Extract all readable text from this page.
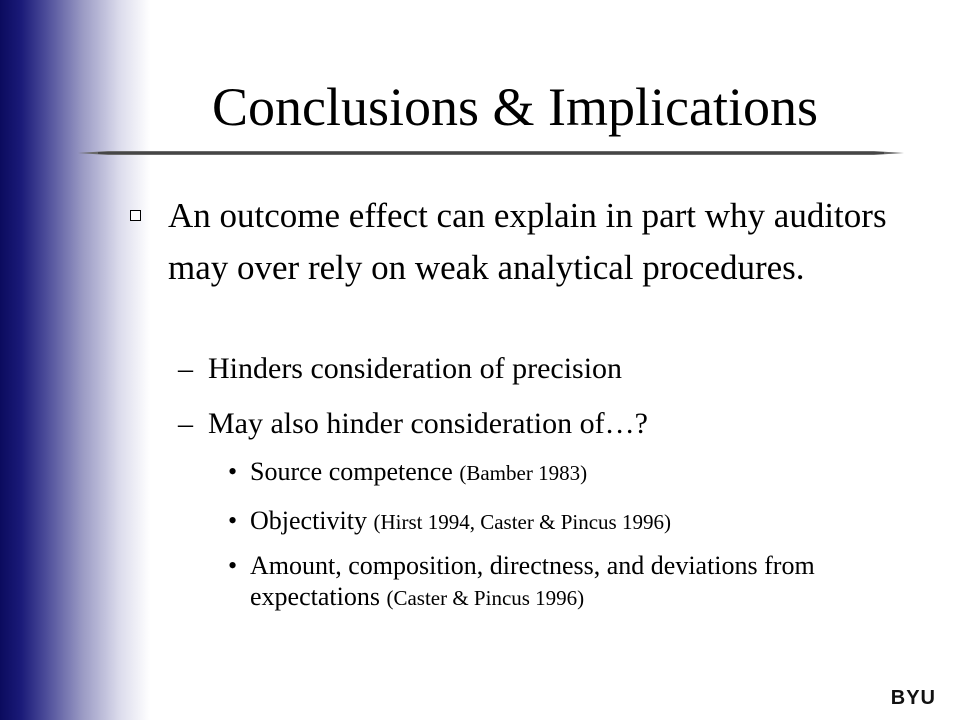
Conclusions & Implications
An outcome effect can explain in part why auditors may over rely on weak analytical procedures.
– Hinders consideration of precision
– May also hinder consideration of…?
• Source competence (Bamber 1983)
• Objectivity (Hirst 1994, Caster & Pincus 1996)
• Amount, composition, directness, and deviations from expectations (Caster & Pincus 1996)
BYU
